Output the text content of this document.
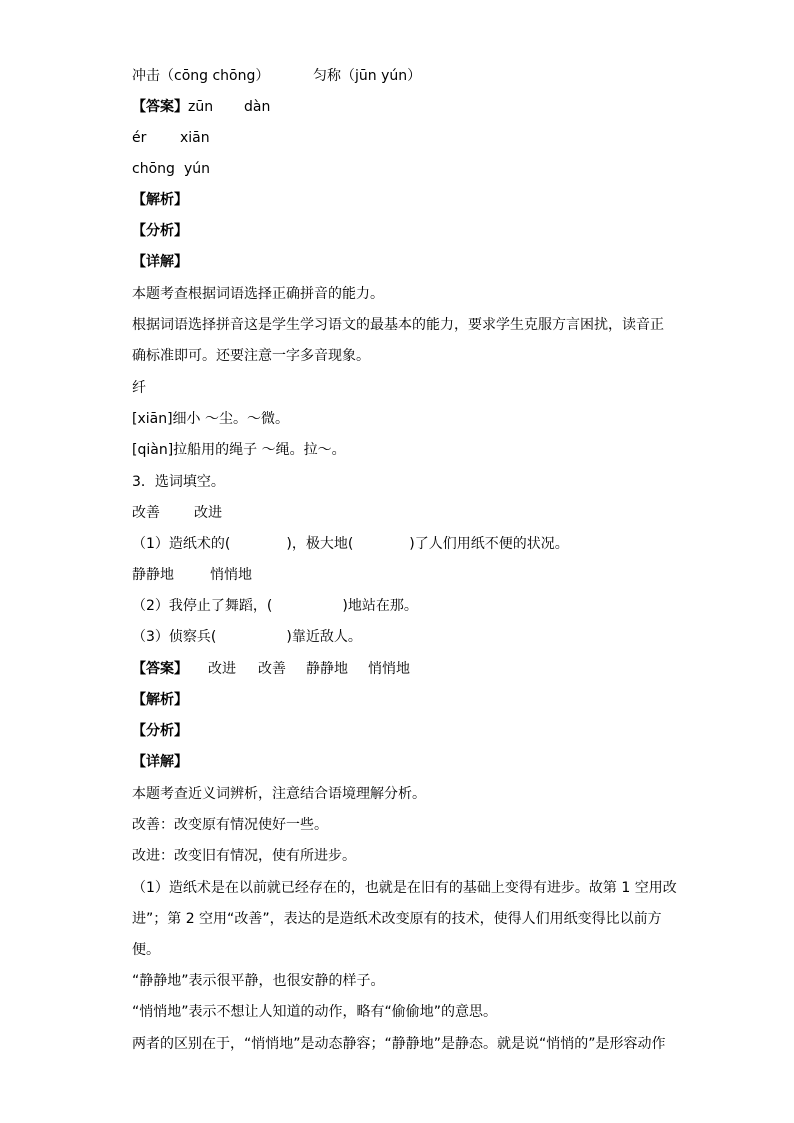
冲击（cōng chōng）	匀称（jūn yún）
【答案】zūn dàn
ér xiān
chōng yún
【解析】
【分析】
【详解】
本题考查根据词语选择正确拼音的能力。
根据词语选择拼音这是学生学习语文的最基本的能力，要求学生克服方言困扰，读音正
确标准即可。还要注意一字多音现象。
纤
[xiān]细小 ～尘。～微。
[qiàn]拉船用的绳子 ～绳。拉～。
3．选词填空。
改善 改进
（1）造纸术的(　　　　)，极大地(　　　　)了人们用纸不便的状况。
静静地	悄悄地
（2）我停止了舞蹈，(　　　　　)地站在那。
（3）侦察兵(　　　　　)靠近敌人。
【答案】 改进 改善 静静地 悄悄地
【解析】
【分析】
【详解】
本题考查近义词辨析，注意结合语境理解分析。
改善：改变原有情况使好一些。
改进：改变旧有情况，使有所进步。
（1）造纸术是在以前就已经存在的，也就是在旧有的基础上变得有进步。故第 1 空用改
进”；第 2 空用“改善”，表达的是造纸术改变原有的技术，使得人们用纸变得比以前方
便。
“静静地”表示很平静，也很安静的样子。
“悄悄地”表示不想让人知道的动作，略有“偷偷地”的意思。
两者的区别在于，“悄悄地”是动态静容；“静静地”是静态。就是说“悄悄的”是形容动作
